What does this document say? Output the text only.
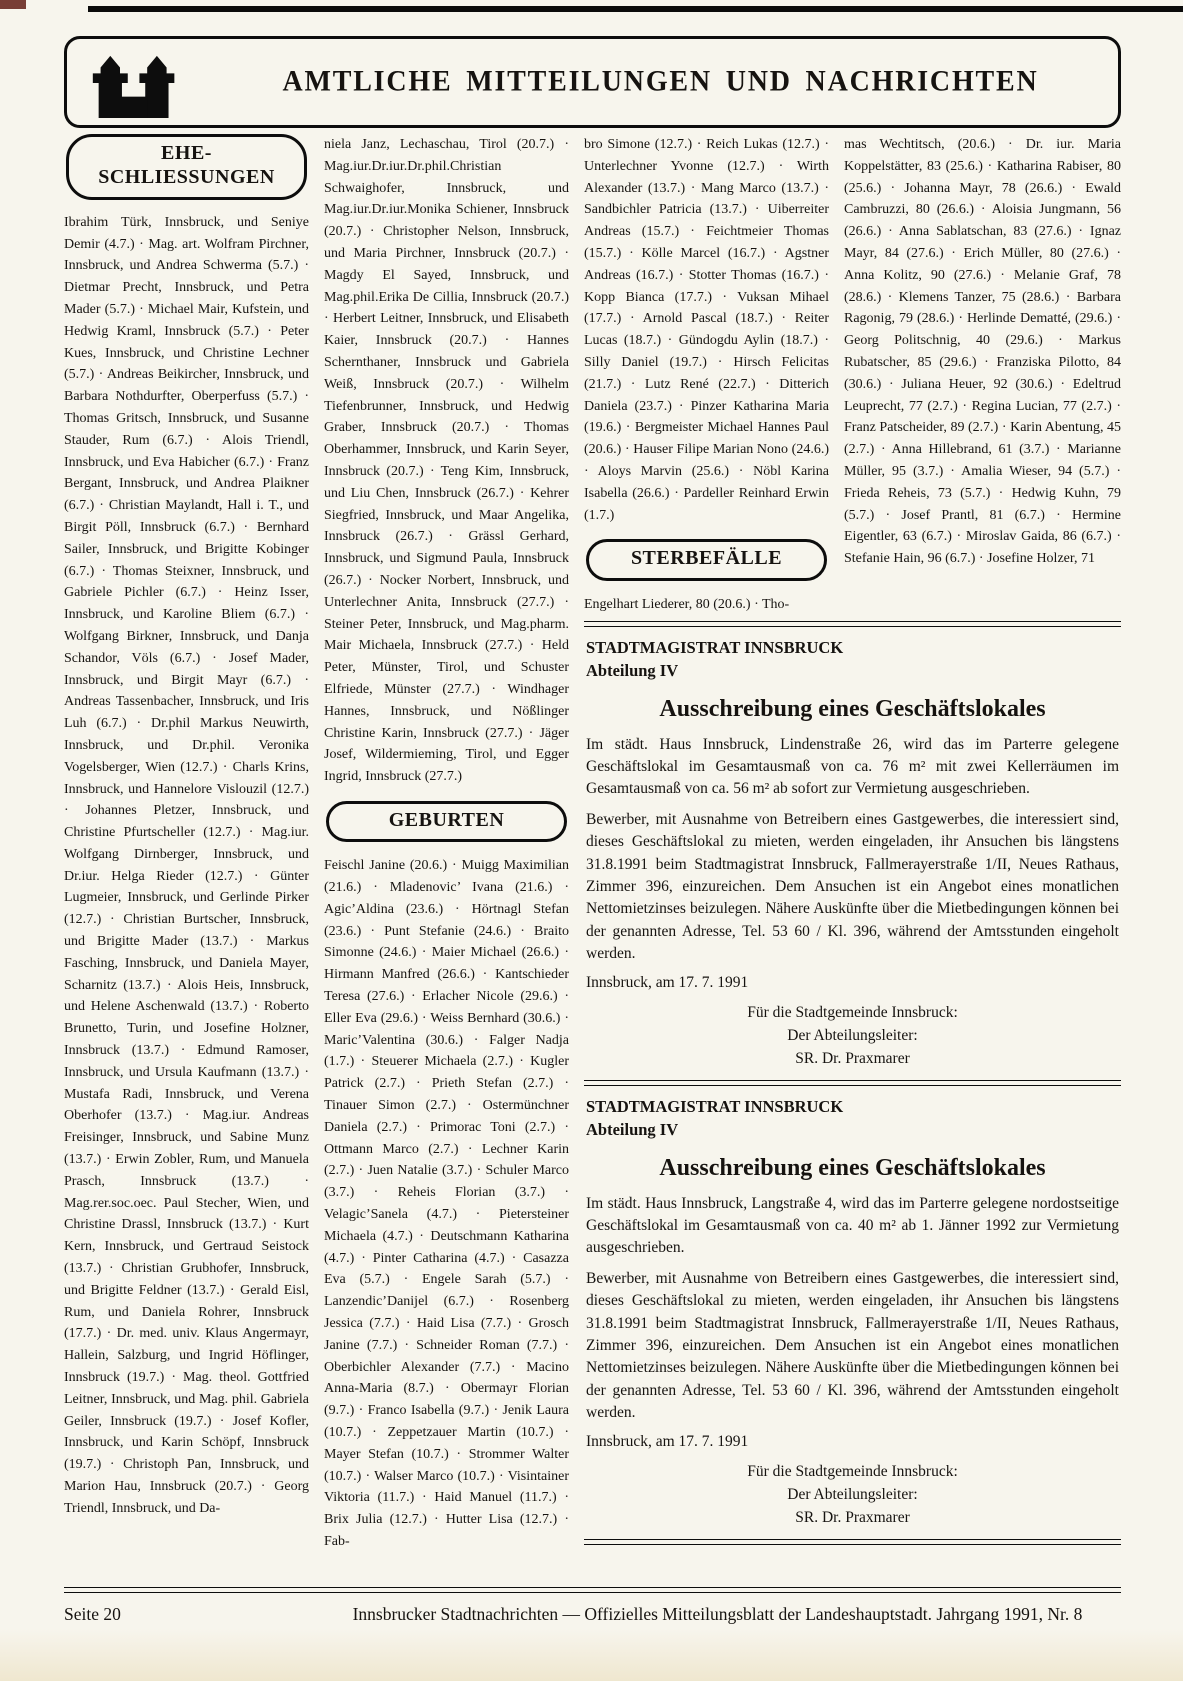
AMTLICHE MITTEILUNGEN UND NACHRICHTEN
EHE-
SCHLIESSUNGEN
Ibrahim Türk, Innsbruck, und Seniye Demir (4.7.) · Mag. art. Wolfram Pirchner, Innsbruck, und Andrea Schwerma (5.7.) · Dietmar Precht, Innsbruck, und Petra Mader (5.7.) · Michael Mair, Kufstein, und Hedwig Kraml, Innsbruck (5.7.) · Peter Kues, Innsbruck, und Christine Lechner (5.7.) · Andreas Beikircher, Innsbruck, und Barbara Nothdurfter, Oberperfuss (5.7.) · Thomas Gritsch, Innsbruck, und Susanne Stauder, Rum (6.7.) · Alois Triendl, Innsbruck, und Eva Habicher (6.7.) · Franz Bergant, Innsbruck, und Andrea Plaikner (6.7.) · Christian Maylandt, Hall i. T., und Birgit Pöll, Innsbruck (6.7.) · Bernhard Sailer, Innsbruck, und Brigitte Kobinger (6.7.) · Thomas Steixner, Innsbruck, und Gabriele Pichler (6.7.) · Heinz Isser, Innsbruck, und Karoline Bliem (6.7.) · Wolfgang Birkner, Innsbruck, und Danja Schandor, Völs (6.7.) · Josef Mader, Innsbruck, und Birgit Mayr (6.7.) · Andreas Tassenbacher, Innsbruck, und Iris Luh (6.7.) · Dr.phil Markus Neuwirth, Innsbruck, und Dr.phil. Veronika Vogelsberger, Wien (12.7.) · Charls Krins, Innsbruck, und Hannelore Vislouzil (12.7.) · Johannes Pletzer, Innsbruck, und Christine Pfurtscheller (12.7.) · Mag.iur. Wolfgang Dirnberger, Innsbruck, und Dr.iur. Helga Rieder (12.7.) · Günter Lugmeier, Innsbruck, und Gerlinde Pirker (12.7.) · Christian Burtscher, Innsbruck, und Brigitte Mader (13.7.) · Markus Fasching, Innsbruck, und Daniela Mayer, Scharnitz (13.7.) · Alois Heis, Innsbruck, und Helene Aschenwald (13.7.) · Roberto Brunetto, Turin, und Josefine Holzner, Innsbruck (13.7.) · Edmund Ramoser, Innsbruck, und Ursula Kaufmann (13.7.) · Mustafa Radi, Innsbruck, und Verena Oberhofer (13.7.) · Mag.iur. Andreas Freisinger, Innsbruck, und Sabine Munz (13.7.) · Erwin Zobler, Rum, und Manuela Prasch, Innsbruck (13.7.) · Mag.rer.soc.oec. Paul Stecher, Wien, und Christine Drassl, Innsbruck (13.7.) · Kurt Kern, Innsbruck, und Gertraud Seistock (13.7.) · Christian Grubhofer, Innsbruck, und Brigitte Feldner (13.7.) · Gerald Eisl, Rum, und Daniela Rohrer, Innsbruck (17.7.) · Dr. med. univ. Klaus Angermayr, Hallein, Salzburg, und Ingrid Höflinger, Innsbruck (19.7.) · Mag. theol. Gottfried Leitner, Innsbruck, und Mag. phil. Gabriela Geiler, Innsbruck (19.7.) · Josef Kofler, Innsbruck, und Karin Schöpf, Innsbruck (19.7.) · Christoph Pan, Innsbruck, und Marion Hau, Innsbruck (20.7.) · Georg Triendl, Innsbruck, und Da-
niela Janz, Lechaschau, Tirol (20.7.) · Mag.iur.Dr.iur.Dr.phil.Christian Schwaighofer, Innsbruck, und Mag.iur.Dr.iur.Monika Schiener, Innsbruck (20.7.) · Christopher Nelson, Innsbruck, und Maria Pirchner, Innsbruck (20.7.) · Magdy El Sayed, Innsbruck, und Mag.phil.Erika De Cillia, Innsbruck (20.7.) · Herbert Leitner, Innsbruck, und Elisabeth Kaier, Innsbruck (20.7.) · Hannes Schernthaner, Innsbruck und Gabriela Weiß, Innsbruck (20.7.) · Wilhelm Tiefenbrunner, Innsbruck, und Hedwig Graber, Innsbruck (20.7.) · Thomas Oberhammer, Innsbruck, und Karin Seyer, Innsbruck (20.7.) · Teng Kim, Innsbruck, und Liu Chen, Innsbruck (26.7.) · Kehrer Siegfried, Innsbruck, und Maar Angelika, Innsbruck (26.7.) · Grässl Gerhard, Innsbruck, und Sigmund Paula, Innsbruck (26.7.) · Nocker Norbert, Innsbruck, und Unterlechner Anita, Innsbruck (27.7.) · Steiner Peter, Innsbruck, und Mag.pharm. Mair Michaela, Innsbruck (27.7.) · Held Peter, Münster, Tirol, und Schuster Elfriede, Münster (27.7.) · Windhager Hannes, Innsbruck, und Nößlinger Christine Karin, Innsbruck (27.7.) · Jäger Josef, Wildermieming, Tirol, und Egger Ingrid, Innsbruck (27.7.)
GEBURTEN
Feischl Janine (20.6.) · Muigg Maximilian (21.6.) · Mladenovic’ Ivana (21.6.) · Agic’Aldina (23.6.) · Hörtnagl Stefan (23.6.) · Punt Stefanie (24.6.) · Braito Simonne (24.6.) · Maier Michael (26.6.) · Hirmann Manfred (26.6.) · Kantschieder Teresa (27.6.) · Erlacher Nicole (29.6.) · Eller Eva (29.6.) · Weiss Bernhard (30.6.) · Maric’Valentina (30.6.) · Falger Nadja (1.7.) · Steuerer Michaela (2.7.) · Kugler Patrick (2.7.) · Prieth Stefan (2.7.) · Tinauer Simon (2.7.) · Ostermünchner Daniela (2.7.) · Primorac Toni (2.7.) · Ottmann Marco (2.7.) · Lechner Karin (2.7.) · Juen Natalie (3.7.) · Schuler Marco (3.7.) · Reheis Florian (3.7.) · Velagic’Sanela (4.7.) · Pietersteiner Michaela (4.7.) · Deutschmann Katharina (4.7.) · Pinter Catharina (4.7.) · Casazza Eva (5.7.) · Engele Sarah (5.7.) · Lanzendic’Danijel (6.7.) · Rosenberg Jessica (7.7.) · Haid Lisa (7.7.) · Grosch Janine (7.7.) · Schneider Roman (7.7.) · Oberbichler Alexander (7.7.) · Macino Anna-Maria (8.7.) · Obermayr Florian (9.7.) · Franco Isabella (9.7.) · Jenik Laura (10.7.) · Zeppetzauer Martin (10.7.) · Mayer Stefan (10.7.) · Strommer Walter (10.7.) · Walser Marco (10.7.) · Visintainer Viktoria (11.7.) · Haid Manuel (11.7.) · Brix Julia (12.7.) · Hutter Lisa (12.7.) · Fab-
bro Simone (12.7.) · Reich Lukas (12.7.) · Unterlechner Yvonne (12.7.) · Wirth Alexander (13.7.) · Mang Marco (13.7.) · Sandbichler Patricia (13.7.) · Uiberreiter Andreas (15.7.) · Feichtmeier Thomas (15.7.) · Kölle Marcel (16.7.) · Agstner Andreas (16.7.) · Stotter Thomas (16.7.) · Kopp Bianca (17.7.) · Vuksan Mihael (17.7.) · Arnold Pascal (18.7.) · Reiter Lucas (18.7.) · Gündogdu Aylin (18.7.) · Silly Daniel (19.7.) · Hirsch Felicitas (21.7.) · Lutz René (22.7.) · Ditterich Daniela (23.7.) · Pinzer Katharina Maria (19.6.) · Bergmeister Michael Hannes Paul (20.6.) · Hauser Filipe Marian Nono (24.6.) · Aloys Marvin (25.6.) · Nöbl Karina Isabella (26.6.) · Pardeller Reinhard Erwin (1.7.)
STERBEFÄLLE
Engelhart Liederer, 80 (20.6.) · Tho-
mas Wechtitsch, (20.6.) · Dr. iur. Maria Koppelstätter, 83 (25.6.) · Katharina Rabiser, 80 (25.6.) · Johanna Mayr, 78 (26.6.) · Ewald Cambruzzi, 80 (26.6.) · Aloisia Jungmann, 56 (26.6.) · Anna Sablatschan, 83 (27.6.) · Ignaz Mayr, 84 (27.6.) · Erich Müller, 80 (27.6.) · Anna Kolitz, 90 (27.6.) · Melanie Graf, 78 (28.6.) · Klemens Tanzer, 75 (28.6.) · Barbara Ragonig, 79 (28.6.) · Herlinde Dematté, (29.6.) · Georg Politschnig, 40 (29.6.) · Markus Rubatscher, 85 (29.6.) · Franziska Pilotto, 84 (30.6.) · Juliana Heuer, 92 (30.6.) · Edeltrud Leuprecht, 77 (2.7.) · Regina Lucian, 77 (2.7.) · Franz Patscheider, 89 (2.7.) · Karin Abentung, 45 (2.7.) · Anna Hillebrand, 61 (3.7.) · Marianne Müller, 95 (3.7.) · Amalia Wieser, 94 (5.7.) · Frieda Reheis, 73 (5.7.) · Hedwig Kuhn, 79 (5.7.) · Josef Prantl, 81 (6.7.) · Hermine Eigentler, 63 (6.7.) · Miroslav Gaida, 86 (6.7.) · Stefanie Hain, 96 (6.7.) · Josefine Holzer, 71
STADTMAGISTRAT INNSBRUCK
Abteilung IV
Ausschreibung eines Geschäftslokales

Im städt. Haus Innsbruck, Lindenstraße 26, wird das im Parterre gelegene Geschäftslokal im Gesamtausmaß von ca. 76 m² mit zwei Kellerräumen im Gesamtausmaß von ca. 56 m² ab sofort zur Vermietung ausgeschrieben.

Bewerber, mit Ausnahme von Betreibern eines Gastgewerbes, die interessiert sind, dieses Geschäftslokal zu mieten, werden eingeladen, ihr Ansuchen bis längstens 31.8.1991 beim Stadtmagistrat Innsbruck, Fallmerayerstraße 1/II, Neues Rathaus, Zimmer 396, einzureichen. Dem Ansuchen ist ein Angebot eines monatlichen Nettomietzinses beizulegen. Nähere Auskünfte über die Mietbedingungen können bei der genannten Adresse, Tel. 53 60 / Kl. 396, während der Amtsstunden eingeholt werden.

Innsbruck, am 17. 7. 1991
Für die Stadtgemeinde Innsbruck:
Der Abteilungsleiter:
SR. Dr. Praxmarer
STADTMAGISTRAT INNSBRUCK
Abteilung IV
Ausschreibung eines Geschäftslokales

Im städt. Haus Innsbruck, Langstraße 4, wird das im Parterre gelegene nordostseitige Geschäftslokal im Gesamtausmaß von ca. 40 m² ab 1. Jänner 1992 zur Vermietung ausgeschrieben.

Bewerber, mit Ausnahme von Betreibern eines Gastgewerbes, die interessiert sind, dieses Geschäftslokal zu mieten, werden eingeladen, ihr Ansuchen bis längstens 31.8.1991 beim Stadtmagistrat Innsbruck, Fallmerayerstraße 1/II, Neues Rathaus, Zimmer 396, einzureichen. Dem Ansuchen ist ein Angebot eines monatlichen Nettomietzinses beizulegen. Nähere Auskünfte über die Mietbedingungen können bei der genannten Adresse, Tel. 53 60 / Kl. 396, während der Amtsstunden eingeholt werden.

Innsbruck, am 17. 7. 1991
Für die Stadtgemeinde Innsbruck:
Der Abteilungsleiter:
SR. Dr. Praxmarer
Seite 20	Innsbrucker Stadtnachrichten — Offizielles Mitteilungsblatt der Landeshauptstadt. Jahrgang 1991, Nr. 8
